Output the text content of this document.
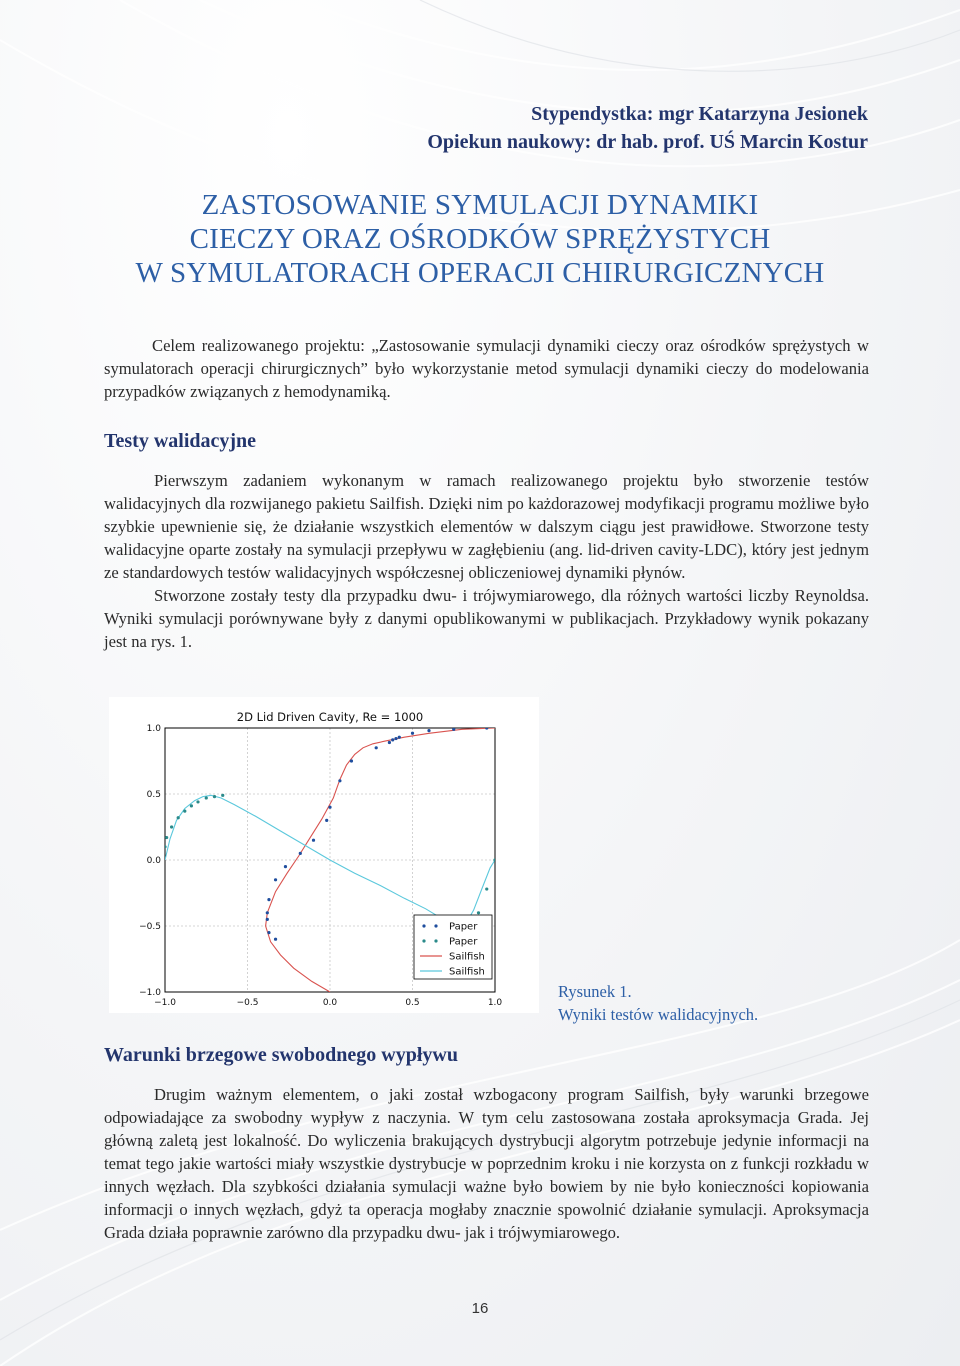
Stypendystka: mgr Katarzyna Jesionek
Opiekun naukowy: dr hab. prof. UŚ Marcin Kostur
ZASTOSOWANIE SYMULACJI DYNAMIKI
CIECZY ORAZ OŚRODKÓW SPRĘŻYSTYCH
W SYMULATORACH OPERACJI CHIRURGICZNYCH

Celem realizowanego projektu: „Zastosowanie symulacji dynamiki cieczy oraz ośrodków sprężystych w symulatorach operacji chirurgicznych” było wykorzystanie metod symulacji dynamiki cieczy do modelowania przypadków związanych z hemodynamiką.

Testy walidacyjne

Pierwszym zadaniem wykonanym w ramach realizowanego projektu było stworzenie testów walidacyjnych dla rozwijanego pakietu Sailfish. Dzięki nim po każdorazowej modyfikacji programu możliwe było szybkie upewnienie się, że działanie wszystkich elementów w dalszym ciągu jest prawidłowe. Stworzone testy walidacyjne oparte zostały na symulacji przepływu w zagłębieniu (ang. lid-driven cavity-LDC), który jest jednym ze standardowych testów walidacyjnych współczesnej obliczeniowej dynamiki płynów.

Stworzone zostały testy dla przypadku dwu- i trójwymiarowego, dla różnych wartości liczby Reynoldsa. Wyniki symulacji porównywane były z danymi opublikowanymi w publikacjach. Przykładowy wynik pokazany jest na rys. 1.

2D Lid Driven Cavity, Re = 1000
−1.0	−0.5	0.0	0.5	1.0
1.0
0.5
0.0
−0.5
−1.0
Paper
Paper
Sailfish
Sailfish
Rysunek 1.
Wyniki testów walidacyjnych.
Warunki brzegowe swobodnego wypływu

Drugim ważnym elementem, o jaki został wzbogacony program Sailfish, były warunki brzegowe odpowiadające za swobodny wypływ z naczynia. W tym celu zastosowana została aproksymacja Grada. Jej główną zaletą jest lokalność. Do wyliczenia brakujących dystrybucji algorytm potrzebuje jedynie informacji na temat tego jakie wartości miały wszystkie dystrybucje w poprzednim kroku i nie korzysta on z funkcji rozkładu w innych węzłach. Dla szybkości działania symulacji ważne było bowiem by nie było konieczności kopiowania informacji o innych węzłach, gdyż ta operacja mogłaby znacznie spowolnić działanie symulacji. Aproksymacja Grada działa poprawnie zarówno dla przypadku dwu- jak i trójwymiarowego.

16
